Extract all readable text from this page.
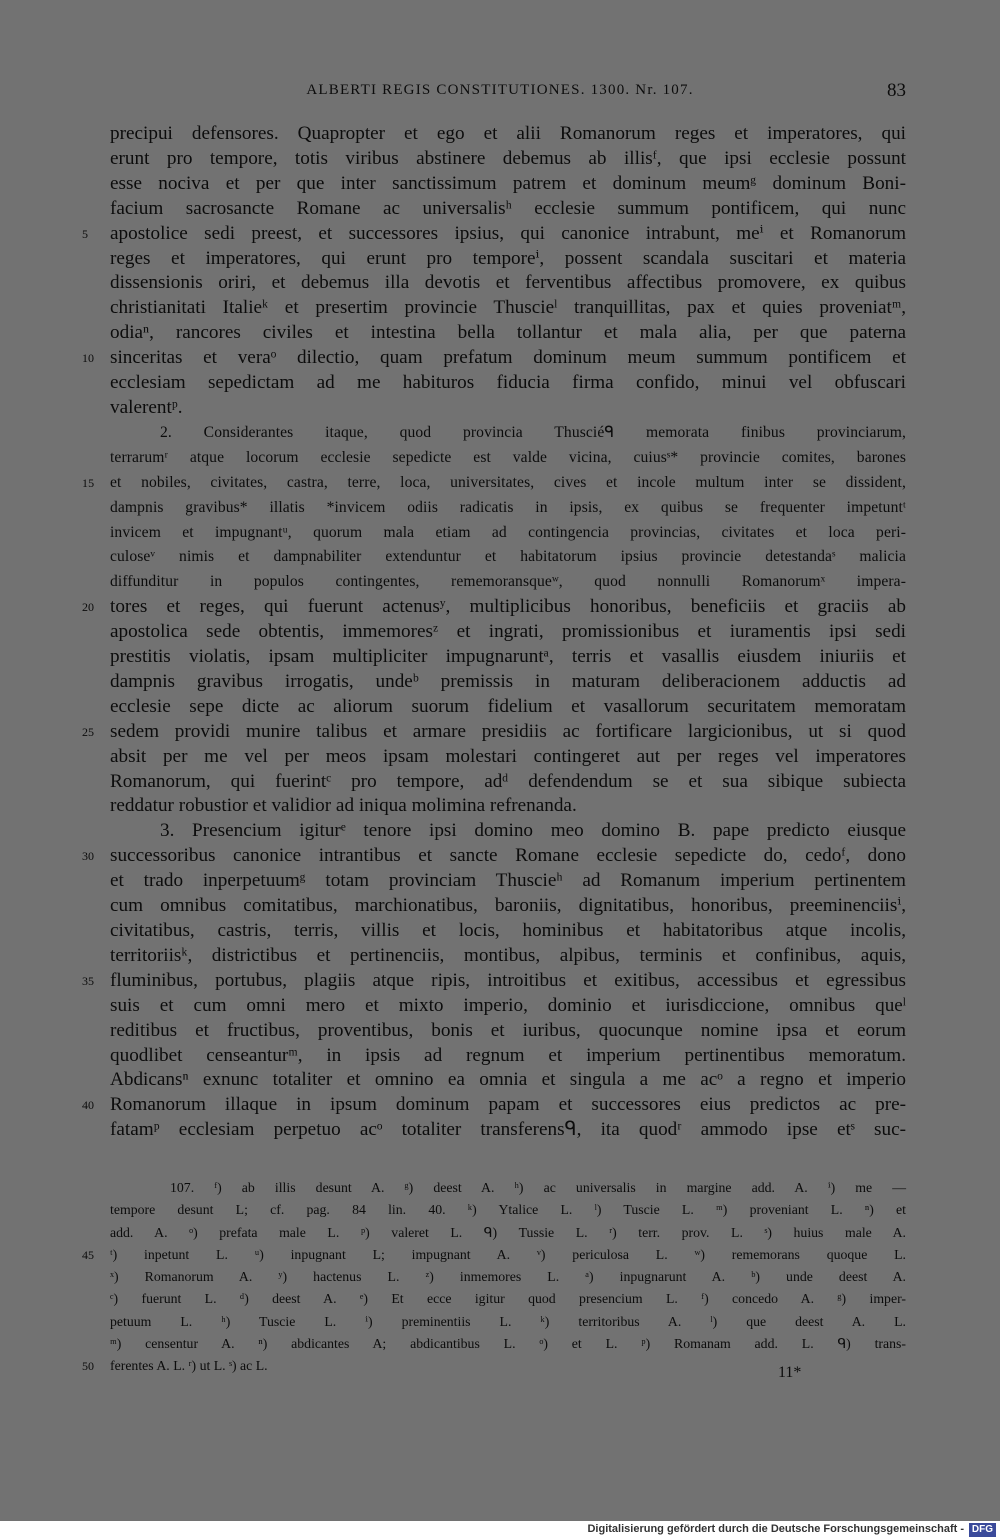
ALBERTI REGIS CONSTITUTIONES. 1300. Nr. 107.	83
precipui defensores. Quapropter et ego et alii Romanorum reges et imperatores, qui
erunt pro tempore, totis viribus abstinere debemus ab illisᶠ, que ipsi ecclesie possunt
esse nociva et per que inter sanctissimum patrem et dominum meumᵍ dominum Boni-
facium sacrosancte Romane ac universalisʰ ecclesie summum pontificem, qui nunc
5	apostolice sedi preest, et successores ipsius, qui canonice intrabunt, meⁱ et Romanorum
reges et imperatores, qui erunt pro temporeⁱ, possent scandala suscitari et materia
dissensionis oriri, et debemus illa devotis et ferventibus affectibus promovere, ex quibus
christianitati Italieᵏ et presertim provincie Thuscieˡ tranquillitas, pax et quies proveniatᵐ,
odiaⁿ, rancores civiles et intestina bella tollantur et mala alia, per que paterna
10 sinceritas et veraᵒ dilectio, quam prefatum dominum meum summum pontificem et
ecclesiam sepedictam ad me habituros fiducia firma confido, minui vel obfuscari
valerentᵖ.
2. Considerantes itaque, quod provincia Thusciéᑫ memorata finibus provinciarum,
terrarumʳ atque locorum ecclesie sepedicte est valde vicina, cuiusˢ* provincie comites, barones
15	et nobiles, civitates, castra, terre, loca, universitates, cives et incole multum inter se dissident,
dampnis gravibus* illatis *invicem odiis radicatis in ipsis, ex quibus se frequenter impetuntᵗ
invicem et impugnantᵘ, quorum mala etiam ad contingencia provincias, civitates et loca peri-
culoseᵛ nimis et dampnabiliter extenduntur et habitatorum ipsius provincie detestandaˢ malicia
diffunditur in populos contingentes, rememoransqueʷ, quod nonnulli Romanorumˣ impera-
20 tores et reges, qui fuerunt actenusʸ, multiplicibus honoribus, beneficiis et graciis ab
apostolica sede obtentis, immemoresᶻ et ingrati, promissionibus et iuramentis ipsi sedi
prestitis violatis, ipsam multipliciter impugnaruntᵃ, terris et vasallis eiusdem iniuriis et
dampnis gravibus irrogatis, undeᵇ premissis in maturam deliberacionem adductis ad
ecclesie sepe dicte ac aliorum suorum fidelium et vasallorum securitatem memoratam
25 sedem providi munire talibus et armare presidiis ac fortificare largicionibus, ut si quod
absit per me vel per meos ipsam molestari contingeret aut per reges vel imperatores
Romanorum, qui fuerintᶜ pro tempore, adᵈ defendendum se et sua sibique subiecta
reddatur robustior et validior ad iniqua molimina refrenanda.
3. Presencium igiturᵉ tenore ipsi domino meo domino B. pape predicto eiusque
30 successoribus canonice intrantibus et sancte Romane ecclesie sepedicte do, cedoᶠ, dono
et trado inperpetuumᵍ totam provinciam Thuscieʰ ad Romanum imperium pertinentem
cum omnibus comitatibus, marchionatibus, baroniis, dignitatibus, honoribus, preeminenciisⁱ,
civitatibus, castris, terris, villis et locis, hominibus et habitatoribus atque incolis,
territoriisᵏ, districtibus et pertinenciis, montibus, alpibus, terminis et confinibus, aquis,
35 fluminibus, portubus, plagiis atque ripis, introitibus et exitibus, accessibus et egressibus
suis et cum omni mero et mixto imperio, dominio et iurisdiccione, omnibus queˡ
reditibus et fructibus, proventibus, bonis et iuribus, quocunque nomine ipsa et eorum
quodlibet censeanturᵐ, in ipsis ad regnum et imperium pertinentibus memoratum.
Abdicansⁿ exnunc totaliter et omnino ea omnia et singula a me acᵒ a regno et imperio
40 Romanorum illaque in ipsum dominum papam et successores eius predictos ac pre-
fatamᵖ ecclesiam perpetuo acᵒ totaliter transferensᑫ, ita quodʳ ammodo ipse etˢ suc-
107. ᶠ) ab illis desunt A. ᵍ) deest A. ʰ) ac universalis in margine add. A. ⁱ) me —
tempore desunt L; cf. pag. 84 lin. 40. ᵏ) Ytalice L. ˡ) Tuscie L. ᵐ) proveniant L. ⁿ) et
add. A. ᵒ) prefata male L. ᵖ) valeret L. ᑫ) Tussie L. ʳ) terr. prov. L. ˢ) huius male A.
45	ᵗ) inpetunt L. ᵘ) inpugnant L; impugnant A. ᵛ) periculosa L. ʷ) rememorans quoque L.
ˣ) Romanorum A. ʸ) hactenus L. ᶻ) inmemores L. ᵃ) inpugnarunt A. ᵇ) unde deest A.
ᶜ) fuerunt L. ᵈ) deest A. ᵉ) Et ecce igitur quod presencium L. ᶠ) concedo A. ᵍ) imper-
petuum L. ʰ) Tuscie L. ⁱ) preminentiis L. ᵏ) territoribus A. ˡ) que deest A. L.
ᵐ) censentur A. ⁿ) abdicantes A; abdicantibus L. ᵒ) et L. ᵖ) Romanam add. L. ᑫ) trans-
50	ferentes A. L. ʳ) ut L. ˢ) ac L.	11*
Digitalisierung gefördert durch die Deutsche Forschungsgemeinschaft - DFG
